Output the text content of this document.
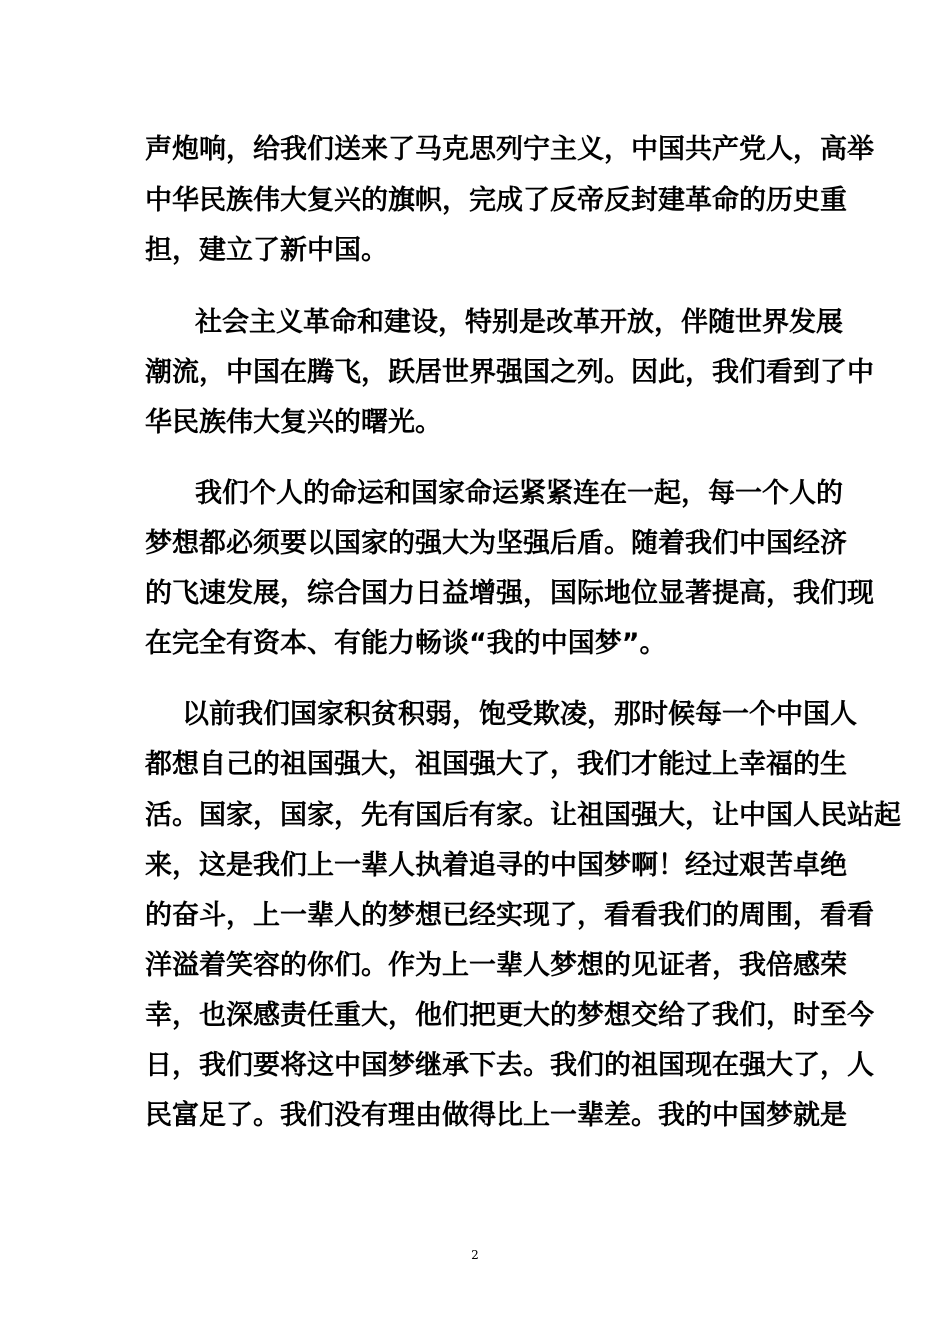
声炮响，给我们送来了马克思列宁主义，中国共产党人，高举
中华民族伟大复兴的旗帜，完成了反帝反封建革命的历史重
担，建立了新中国。
社会主义革命和建设，特别是改革开放，伴随世界发展
潮流，中国在腾飞，跃居世界强国之列。因此，我们看到了中
华民族伟大复兴的曙光。
我们个人的命运和国家命运紧紧连在一起，每一个人的
梦想都必须要以国家的强大为坚强后盾。随着我们中国经济
的飞速发展，综合国力日益增强，国际地位显著提高，我们现
在完全有资本、有能力畅谈“我的中国梦”。
以前我们国家积贫积弱，饱受欺凌，那时候每一个中国人
都想自己的祖国强大，祖国强大了，我们才能过上幸福的生
活。国家，国家，先有国后有家。让祖国强大，让中国人民站起
来，这是我们上一辈人执着追寻的中国梦啊！经过艰苦卓绝
的奋斗，上一辈人的梦想已经实现了，看看我们的周围，看看
洋溢着笑容的你们。作为上一辈人梦想的见证者，我倍感荣
幸，也深感责任重大，他们把更大的梦想交给了我们，时至今
日，我们要将这中国梦继承下去。我们的祖国现在强大了，人
民富足了。我们没有理由做得比上一辈差。我的中国梦就是
2
